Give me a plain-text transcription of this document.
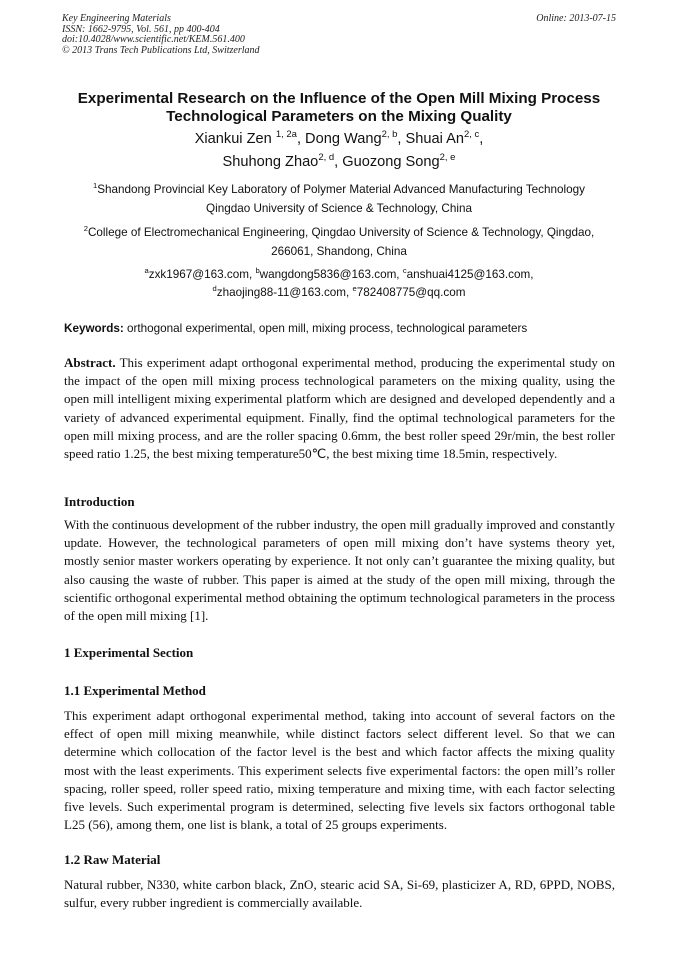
Key Engineering Materials
ISSN: 1662-9795, Vol. 561, pp 400-404
doi:10.4028/www.scientific.net/KEM.561.400
© 2013 Trans Tech Publications Ltd, Switzerland
Online: 2013-07-15
Experimental Research on the Influence of the Open Mill Mixing Process
Technological Parameters on the Mixing Quality
Xiankui Zen $^{1, 2a}$, Dong Wang$^{2, b}$, Shuai An$^{2, c}$,
Shuhong Zhao$^{2, d}$, Guozong Song$^{2, e}$
$^1$Shandong Provincial Key Laboratory of Polymer Material Advanced Manufacturing Technology
Qingdao University of Science & Technology, China
$^2$College of Electromechanical Engineering, Qingdao University of Science & Technology, Qingdao,
266061, Shandong, China
$^a$zxk1967@163.com, $^b$wangdong5836@163.com, $^c$anshuai4125@163.com,
$^d$zhaojing88-11@163.com, $^e$782408775@qq.com
Keywords: orthogonal experimental, open mill, mixing process, technological parameters
Abstract. This experiment adapt orthogonal experimental method, producing the experimental study on the impact of the open mill mixing process technological parameters on the mixing quality, using the open mill intelligent mixing experimental platform which are designed and developed dependently and a variety of advanced experimental equipment. Finally, find the optimal technological parameters for the open mill mixing process, and are the roller spacing 0.6mm, the best roller speed 29r/min, the best roller speed ratio 1.25, the best mixing temperature50℃, the best mixing time 18.5min, respectively.
Introduction
With the continuous development of the rubber industry, the open mill gradually improved and constantly update. However, the technological parameters of open mill mixing don’t have systems theory yet, mostly senior master workers operating by experience. It not only can’t guarantee the mixing quality, but also causing the waste of rubber. This paper is aimed at the study of the open mill mixing, through the scientific orthogonal experimental method obtaining the optimum technological parameters in the process of the open mill mixing [1].
1 Experimental Section
1.1 Experimental Method
This experiment adapt orthogonal experimental method, taking into account of several factors on the effect of open mill mixing meanwhile, while distinct factors select different level. So that we can determine which collocation of the factor level is the best and which factor affects the mixing quality most with the least experiments. This experiment selects five experimental factors: the open mill’s roller spacing, roller speed, roller speed ratio, mixing temperature and mixing time, with each factor selecting five levels. Such experimental program is determined, selecting five levels six factors orthogonal table L25 (56), among them, one list is blank, a total of 25 groups experiments.
1.2 Raw Material
Natural rubber, N330, white carbon black, ZnO, stearic acid SA, Si-69, plasticizer A, RD, 6PPD, NOBS, sulfur, every rubber ingredient is commercially available.
